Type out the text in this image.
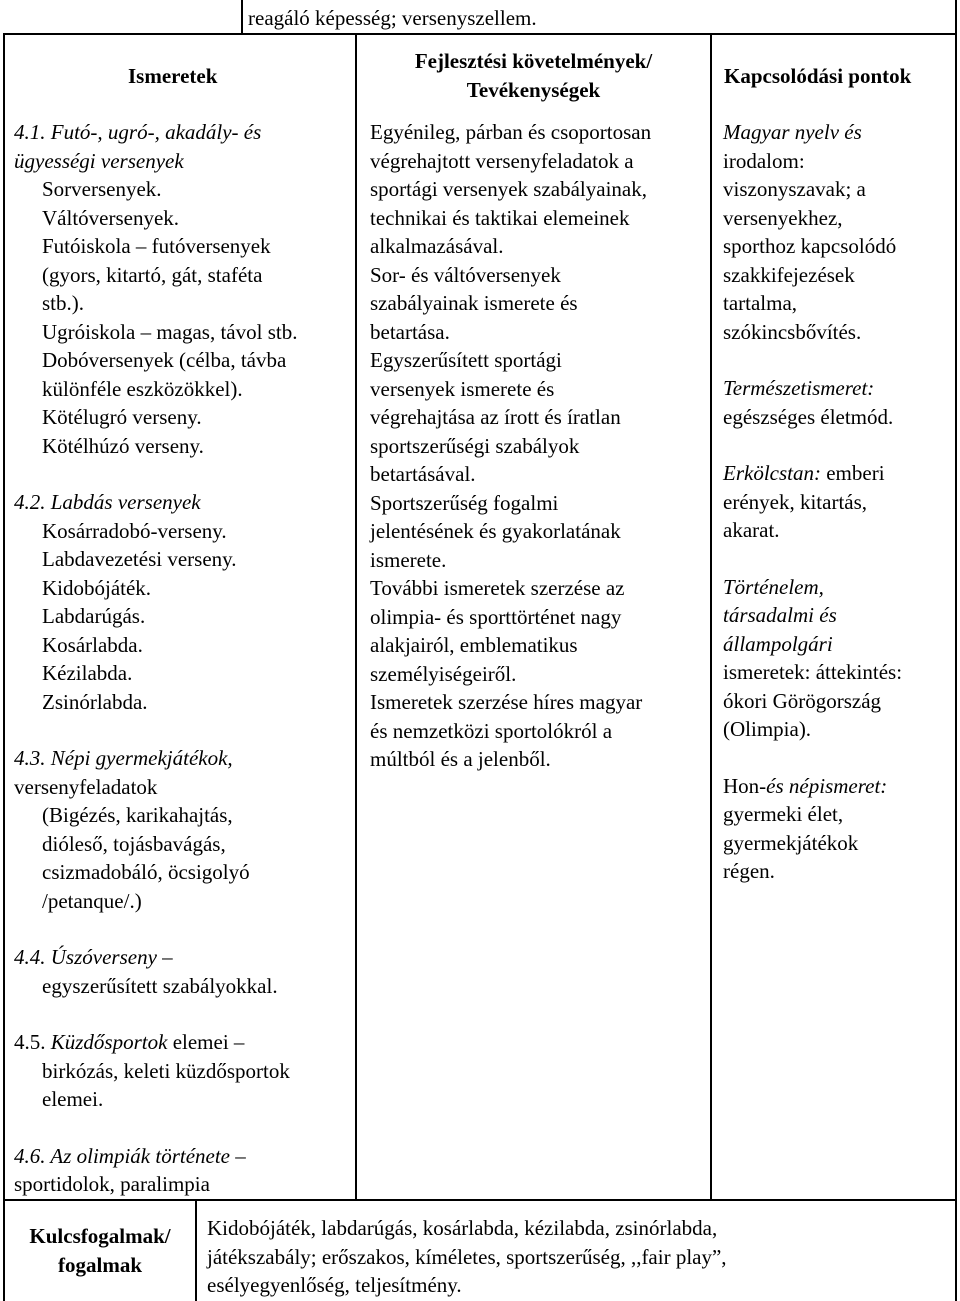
reagáló képesség; versenyszellem.
Ismeretek
Fejlesztési követelmények/
Tevékenységek
Kapcsolódási pontok
4.1. Futó-, ugró-, akadály- és
ügyességi versenyek
Sorversenyek.
Váltóversenyek.
Futóiskola – futóversenyek
(gyors, kitartó, gát, staféta
stb.).
Ugróiskola – magas, távol stb.
Dobóversenyek (célba, távba
különféle eszközökkel).
Kötélugró verseny.
Kötélhúzó verseny.
4.2. Labdás versenyek
Kosárradobó-verseny.
Labdavezetési verseny.
Kidobójáték.
Labdarúgás.
Kosárlabda.
Kézilabda.
Zsinórlabda.
4.3. Népi gyermekjátékok,
versenyfeladatok
(Bigézés, karikahajtás,
dióleső, tojásbavágás,
csizmadobáló, öcsigolyó
/petanque/.)
4.4. Úszóverseny –
egyszerűsített szabályokkal.
4.5. Küzdősportok elemei –
birkózás, keleti küzdősportok
elemei.
4.6. Az olimpiák története –
sportidolok, paralimpia
Egyénileg, párban és csoportosan
végrehajtott versenyfeladatok a
sportági versenyek szabályainak,
technikai és taktikai elemeinek
alkalmazásával.
Sor- és váltóversenyek
szabályainak ismerete és
betartása.
Egyszerűsített sportági
versenyek ismerete és
végrehajtása az írott és íratlan
sportszerűségi szabályok
betartásával.
Sportszerűség fogalmi
jelentésének és gyakorlatának
ismerete.
További ismeretek szerzése az
olimpia- és sporttörténet nagy
alakjairól, emblematikus
személyiségeiről.
Ismeretek szerzése híres magyar
és nemzetközi sportolókról a
múltból és a jelenből.
Magyar nyelv és
irodalom:
viszonyszavak; a
versenyekhez,
sporthoz kapcsolódó
szakkifejezések
tartalma,
szókincsbővítés.
Természetismeret:
egészséges életmód.
Erkölcstan: emberi
erények, kitartás,
akarat.
Történelem,
társadalmi és
állampolgári
ismeretek: áttekintés:
ókori Görögország
(Olimpia).
Hon-és népismeret:
gyermeki élet,
gyermekjátékok
régen.
Kulcsfogalmak/
fogalmak
Kidobójáték, labdarúgás, kosárlabda, kézilabda, zsinórlabda,
játékszabály; erőszakos, kíméletes, sportszerűség, ,,fair play”,
esélyegyenlőség, teljesítmény.
